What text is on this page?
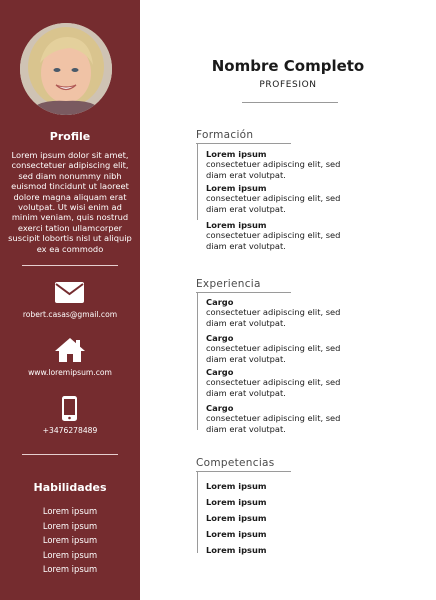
Profile
Lorem ipsum dolor sit amet, consectetuer adipiscing elit, sed diam nonummy nibh euismod tincidunt ut laoreet dolore magna aliquam erat volutpat. Ut wisi enim ad minim veniam, quis nostrud exerci tation ullamcorper suscipit lobortis nisl ut aliquip ex ea commodo
robert.casas@gmail.com
www.loremipsum.com
+3476278489
Habilidades
Lorem ipsum
Lorem ipsum
Lorem ipsum
Lorem ipsum
Lorem ipsum
Nombre Completo
PROFESION
Formación
Lorem ipsum
consectetuer adipiscing elit, sed diam erat volutpat.
Lorem ipsum
consectetuer adipiscing elit, sed diam erat volutpat.
Lorem ipsum
consectetuer adipiscing elit, sed diam erat volutpat.
Experiencia
Cargo
consectetuer adipiscing elit, sed diam erat volutpat.
Cargo
consectetuer adipiscing elit, sed diam erat volutpat.
Cargo
consectetuer adipiscing elit, sed diam erat volutpat.
Cargo
consectetuer adipiscing elit, sed diam erat volutpat.
Competencias
Lorem ipsum
Lorem ipsum
Lorem ipsum
Lorem ipsum
Lorem ipsum
